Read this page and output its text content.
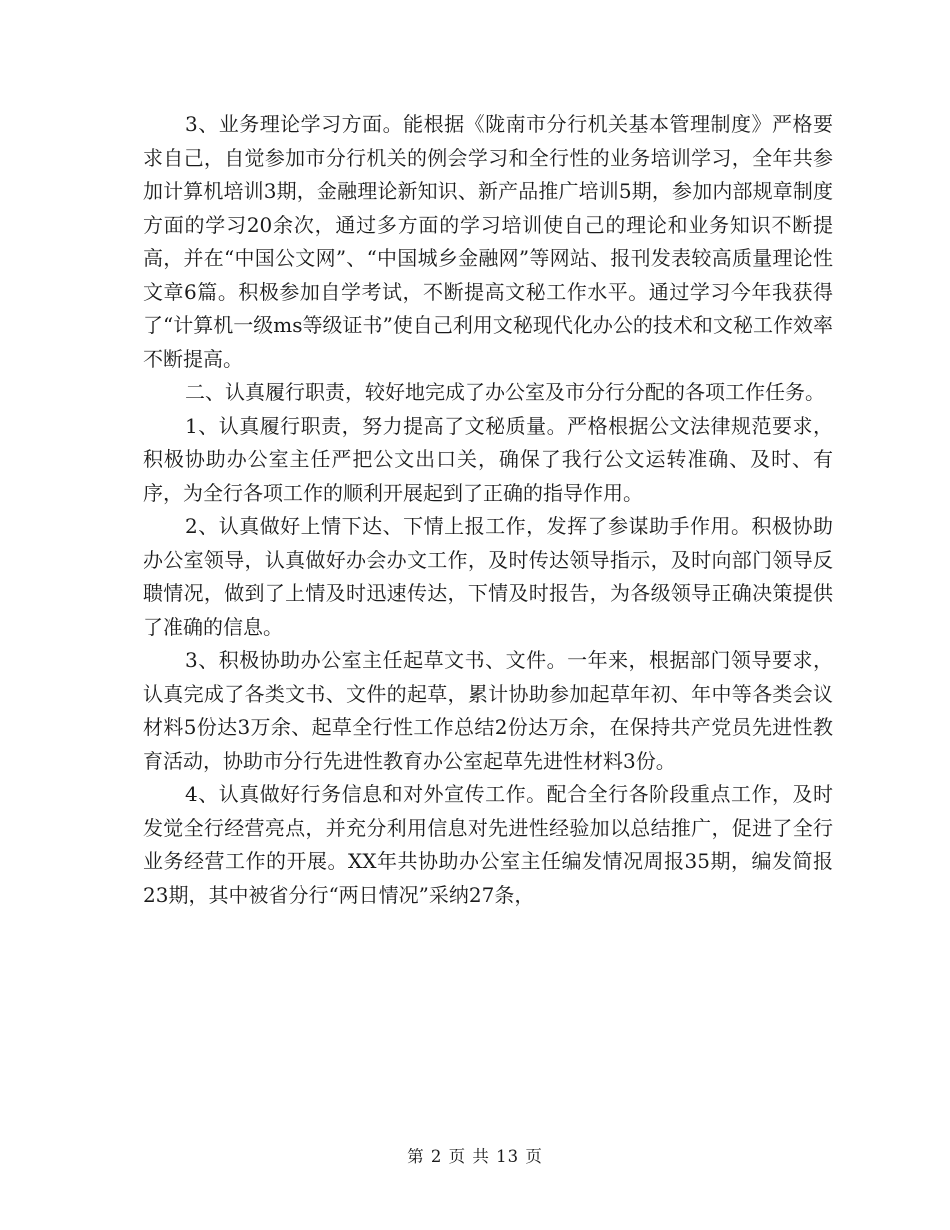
3、业务理论学习方面。能根据《陇南市分行机关基本管理制度》严格要求自己，自觉参加市分行机关的例会学习和全行性的业务培训学习，全年共参加计算机培训3期，金融理论新知识、新产品推广培训5期，参加内部规章制度方面的学习20余次，通过多方面的学习培训使自己的理论和业务知识不断提高，并在“中国公文网”、“中国城乡金融网”等网站、报刊发表较高质量理论性文章6篇。积极参加自学考试，不断提高文秘工作水平。通过学习今年我获得了“计算机一级ms等级证书”使自己利用文秘现代化办公的技术和文秘工作效率不断提高。

二、认真履行职责，较好地完成了办公室及市分行分配的各项工作任务。

1、认真履行职责，努力提高了文秘质量。严格根据公文法律规范要求，积极协助办公室主任严把公文出口关，确保了我行公文运转准确、及时、有序，为全行各项工作的顺利开展起到了正确的指导作用。

2、认真做好上情下达、下情上报工作，发挥了参谋助手作用。积极协助办公室领导，认真做好办会办文工作，及时传达领导指示，及时向部门领导反聩情况，做到了上情及时迅速传达，下情及时报告，为各级领导正确决策提供了准确的信息。

3、积极协助办公室主任起草文书、文件。一年来，根据部门领导要求，认真完成了各类文书、文件的起草，累计协助参加起草年初、年中等各类会议材料5份达3万余、起草全行性工作总结2份达万余，在保持共产党员先进性教育活动，协助市分行先进性教育办公室起草先进性材料3份。

4、认真做好行务信息和对外宣传工作。配合全行各阶段重点工作，及时发觉全行经营亮点，并充分利用信息对先进性经验加以总结推广，促进了全行业务经营工作的开展。XX年共协助办公室主任编发情况周报35期，编发简报23期，其中被省分行“两日情况”采纳27条，

第 2 页 共 13 页
